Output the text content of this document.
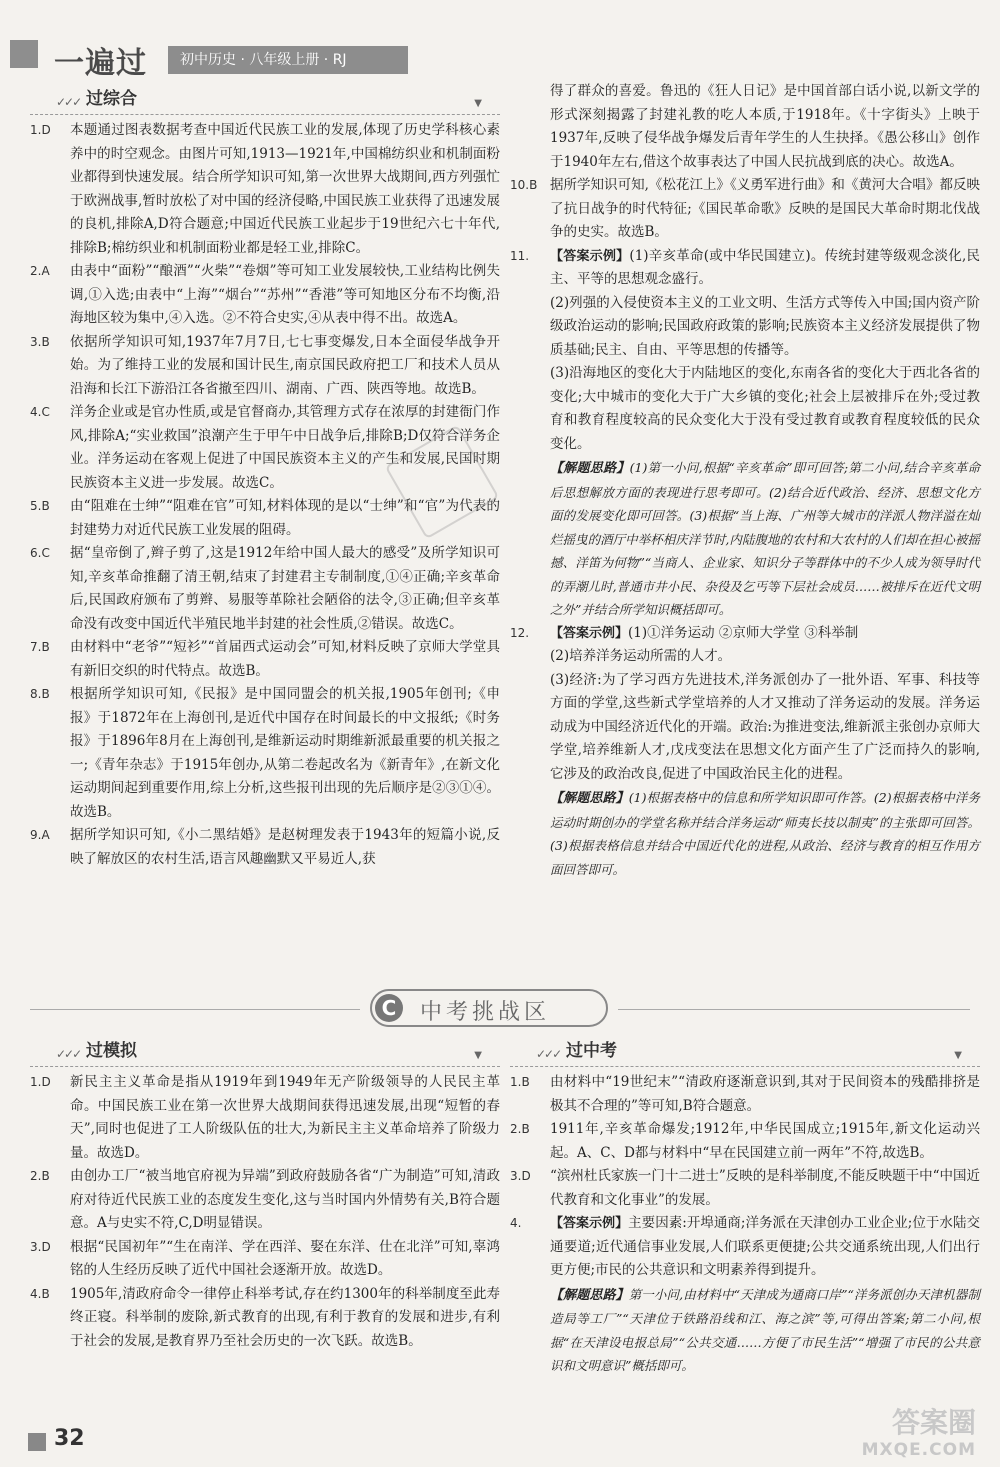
一遍过	初中历史 · 八年级上册 · RJ
✓✓✓ 过综合	▼
1.D	本题通过图表数据考查中国近代民族工业的发展,体现了历史学科核心素养中的时空观念。由图片可知,1913—1921年,中国棉纺织业和机制面粉业都得到快速发展。结合所学知识可知,第一次世界大战期间,西方列强忙于欧洲战事,暂时放松了对中国的经济侵略,中国民族工业获得了迅速发展的良机,排除A,D符合题意;中国近代民族工业起步于19世纪六七十年代,排除B;棉纺织业和机制面粉业都是轻工业,排除C。
2.A	由表中“面粉”“酿酒”“火柴”“卷烟”等可知工业发展较快,工业结构比例失调,①入选;由表中“上海”“烟台”“苏州”“香港”等可知地区分布不均衡,沿海地区较为集中,④入选。②不符合史实,④从表中得不出。故选A。
3.B	依据所学知识可知,1937年7月7日,七七事变爆发,日本全面侵华战争开始。为了维持工业的发展和国计民生,南京国民政府把工厂和技术人员从沿海和长江下游沿江各省撤至四川、湖南、广西、陕西等地。故选B。
4.C	洋务企业或是官办性质,或是官督商办,其管理方式存在浓厚的封建衙门作风,排除A;“实业救国”浪潮产生于甲午中日战争后,排除B;D仅符合洋务企业。洋务运动在客观上促进了中国民族资本主义的产生和发展,民国时期民族资本主义进一步发展。故选C。
5.B	由“阻难在士绅”“阻难在官”可知,材料体现的是以“士绅”和“官”为代表的封建势力对近代民族工业发展的阻碍。
6.C	据“皇帝倒了,辫子剪了,这是1912年给中国人最大的感受”及所学知识可知,辛亥革命推翻了清王朝,结束了封建君主专制制度,①④正确;辛亥革命后,民国政府颁布了剪辫、易服等革除社会陋俗的法令,③正确;但辛亥革命没有改变中国近代半殖民地半封建的社会性质,②错误。故选C。
7.B	由材料中“老爷”“短衫”“首届西式运动会”可知,材料反映了京师大学堂具有新旧交织的时代特点。故选B。
8.B	根据所学知识可知,《民报》是中国同盟会的机关报,1905年创刊;《申报》于1872年在上海创刊,是近代中国存在时间最长的中文报纸;《时务报》于1896年8月在上海创刊,是维新运动时期维新派最重要的机关报之一;《青年杂志》于1915年创办,从第二卷起改名为《新青年》,在新文化运动期间起到重要作用,综上分析,这些报刊出现的先后顺序是②③①④。故选B。
9.A	据所学知识可知,《小二黑结婚》是赵树理发表于1943年的短篇小说,反映了解放区的农村生活,语言风趣幽默又平易近人,获
得了群众的喜爱。鲁迅的《狂人日记》是中国首部白话小说,以新文学的形式深刻揭露了封建礼教的吃人本质,于1918年。《十字街头》上映于1937年,反映了侵华战争爆发后青年学生的人生抉择。《愚公移山》创作于1940年左右,借这个故事表达了中国人民抗战到底的决心。故选A。
10.B 据所学知识可知,《松花江上》《义勇军进行曲》和《黄河大合唱》都反映了抗日战争的时代特征;《国民革命歌》反映的是国民大革命时期北伐战争的史实。故选B。
11.	【答案示例】(1)辛亥革命(或中华民国建立)。传统封建等级观念淡化,民主、平等的思想观念盛行。
(2)列强的入侵使资本主义的工业文明、生活方式等传入中国;国内资产阶级政治运动的影响;民国政府政策的影响;民族资本主义经济发展提供了物质基础;民主、自由、平等思想的传播等。
(3)沿海地区的变化大于内陆地区的变化,东南各省的变化大于西北各省的变化;大中城市的变化大于广大乡镇的变化;社会上层被排斥在外;受过教育和教育程度较高的民众变化大于没有受过教育或教育程度较低的民众变化。
【解题思路】(1)第一小问,根据“辛亥革命”即可回答;第二小问,结合辛亥革命后思想解放方面的表现进行思考即可。(2)结合近代政治、经济、思想文化方面的发展变化即可回答。(3)根据“当上海、广州等大城市的洋派人物洋溢在灿烂摇曳的酒厅中举杯相庆洋节时,内陆腹地的农村和大农村的人们却在担心被摇撼、洋笛为何物”“当商人、企业家、知识分子等群体中的不少人成为领导时代的弄潮儿时,普通市井小民、杂役及乞丐等下层社会成员……被排斥在近代文明之外”并结合所学知识概括即可。
12.	【答案示例】(1)①洋务运动 ②京师大学堂 ③科举制
(2)培养洋务运动所需的人才。
(3)经济:为了学习西方先进技术,洋务派创办了一批外语、军事、科技等方面的学堂,这些新式学堂培养的人才又推动了洋务运动的发展。洋务运动成为中国经济近代化的开端。政治:为推进变法,维新派主张创办京师大学堂,培养维新人才,戊戌变法在思想文化方面产生了广泛而持久的影响,它涉及的政治改良,促进了中国政治民主化的进程。
【解题思路】(1)根据表格中的信息和所学知识即可作答。(2)根据表格中洋务运动时期创办的学堂名称并结合洋务运动“师夷长技以制夷”的主张即可回答。(3)根据表格信息并结合中国近代化的进程,从政治、经济与教育的相互作用方面回答即可。
C	中考挑战区
✓✓✓ 过模拟	▼
1.D	新民主主义革命是指从1919年到1949年无产阶级领导的人民民主革命。中国民族工业在第一次世界大战期间获得迅速发展,出现“短暂的春天”,同时也促进了工人阶级队伍的壮大,为新民主主义革命培养了阶级力量。故选D。
2.B	由创办工厂“被当地官府视为异端”到政府鼓励各省“广为制造”可知,清政府对待近代民族工业的态度发生变化,这与当时国内外情势有关,B符合题意。A与史实不符,C,D明显错误。
3.D	根据“民国初年”“生在南洋、学在西洋、娶在东洋、仕在北洋”可知,辜鸿铭的人生经历反映了近代中国社会逐渐开放。故选D。
4.B	1905年,清政府命令一律停止科举考试,存在约1300年的科举制度至此寿终正寝。科举制的废除,新式教育的出现,有利于教育的发展和进步,有利于社会的发展,是教育界乃至社会历史的一次飞跃。故选B。
✓✓✓ 过中考	▼
1.B	由材料中“19世纪末”“清政府逐渐意识到,其对于民间资本的残酷排挤是极其不合理的”等可知,B符合题意。
2.B	1911年,辛亥革命爆发;1912年,中华民国成立;1915年,新文化运动兴起。A、C、D都与材料中“早在民国建立前一两年”不符,故选B。
3.D	“滨州杜氏家族一门十二进士”反映的是科举制度,不能反映题干中“中国近代教育和文化事业”的发展。
4.	【答案示例】主要因素:开埠通商;洋务派在天津创办工业企业;位于水陆交通要道;近代通信事业发展,人们联系更便捷;公共交通系统出现,人们出行更方便;市民的公共意识和文明素养得到提升。
【解题思路】第一小问,由材料中“天津成为通商口岸”“洋务派创办天津机器制造局等工厂”“天津位于铁路沿线和江、海之滨”等,可得出答案;第二小问,根据“在天津设电报总局”“公共交通……方便了市民生活”“增强了市民的公共意识和文明意识”概括即可。
32	答案圈
MXQE.COM
